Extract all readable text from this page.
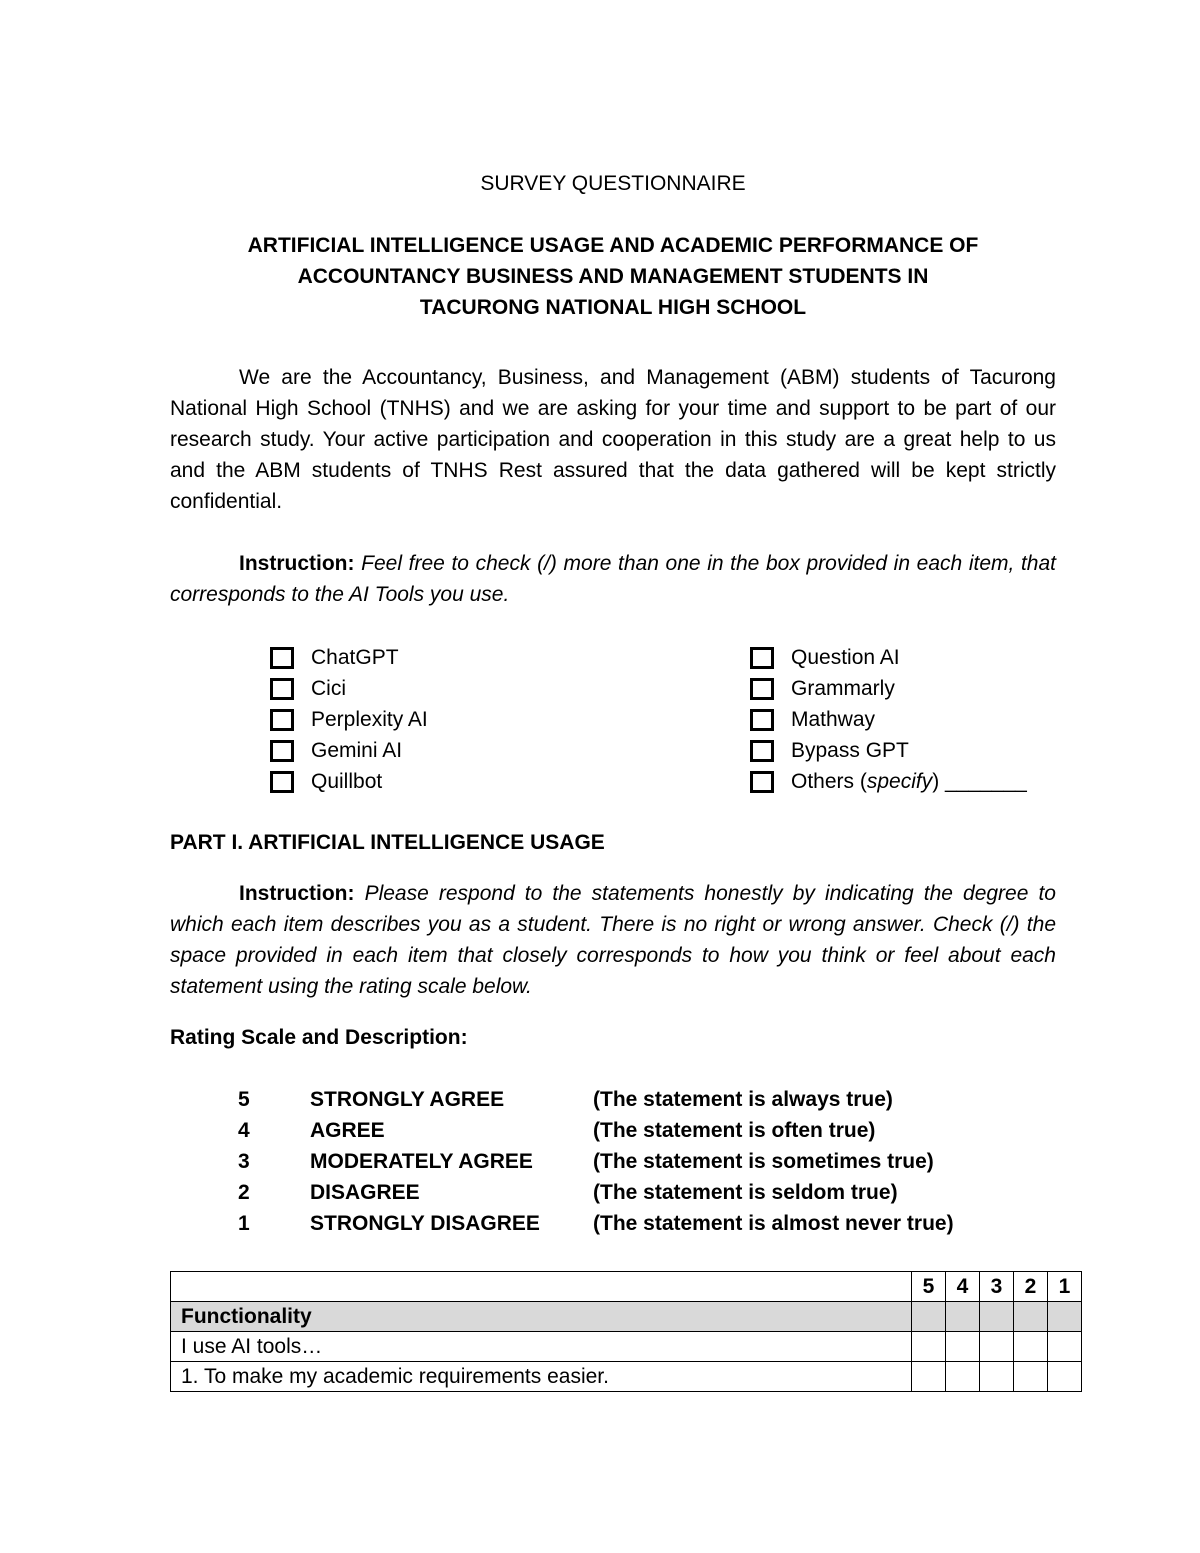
SURVEY QUESTIONNAIRE
ARTIFICIAL INTELLIGENCE USAGE AND ACADEMIC PERFORMANCE OF
ACCOUNTANCY BUSINESS AND MANAGEMENT STUDENTS IN
TACURONG NATIONAL HIGH SCHOOL

We are the Accountancy, Business, and Management (ABM) students of Tacurong National High School (TNHS) and we are asking for your time and support to be part of our research study. Your active participation and cooperation in this study are a great help to us and the ABM students of TNHS Rest assured that the data gathered will be kept strictly confidential.

Instruction: Feel free to check (/) more than one in the box provided in each item, that corresponds to the AI Tools you use.

ChatGPT
Cici
Perplexity AI
Gemini AI
Quillbot
Question AI
Grammarly
Mathway
Bypass GPT
Others (specify) _______
PART I. ARTIFICIAL INTELLIGENCE USAGE

Instruction: Please respond to the statements honestly by indicating the degree to which each item describes you as a student. There is no right or wrong answer. Check (/) the space provided in each item that closely corresponds to how you think or feel about each statement using the rating scale below.

Rating Scale and Description:
5	STRONGLY AGREE	(The statement is always true)
4	AGREE	(The statement is often true)
3	MODERATELY AGREE	(The statement is sometimes true)
2	DISAGREE	(The statement is seldom true)
1	STRONGLY DISAGREE	(The statement is almost never true)
	5	4	3	2	1
Functionality					
I use AI tools…					
1. To make my academic requirements easier.					
